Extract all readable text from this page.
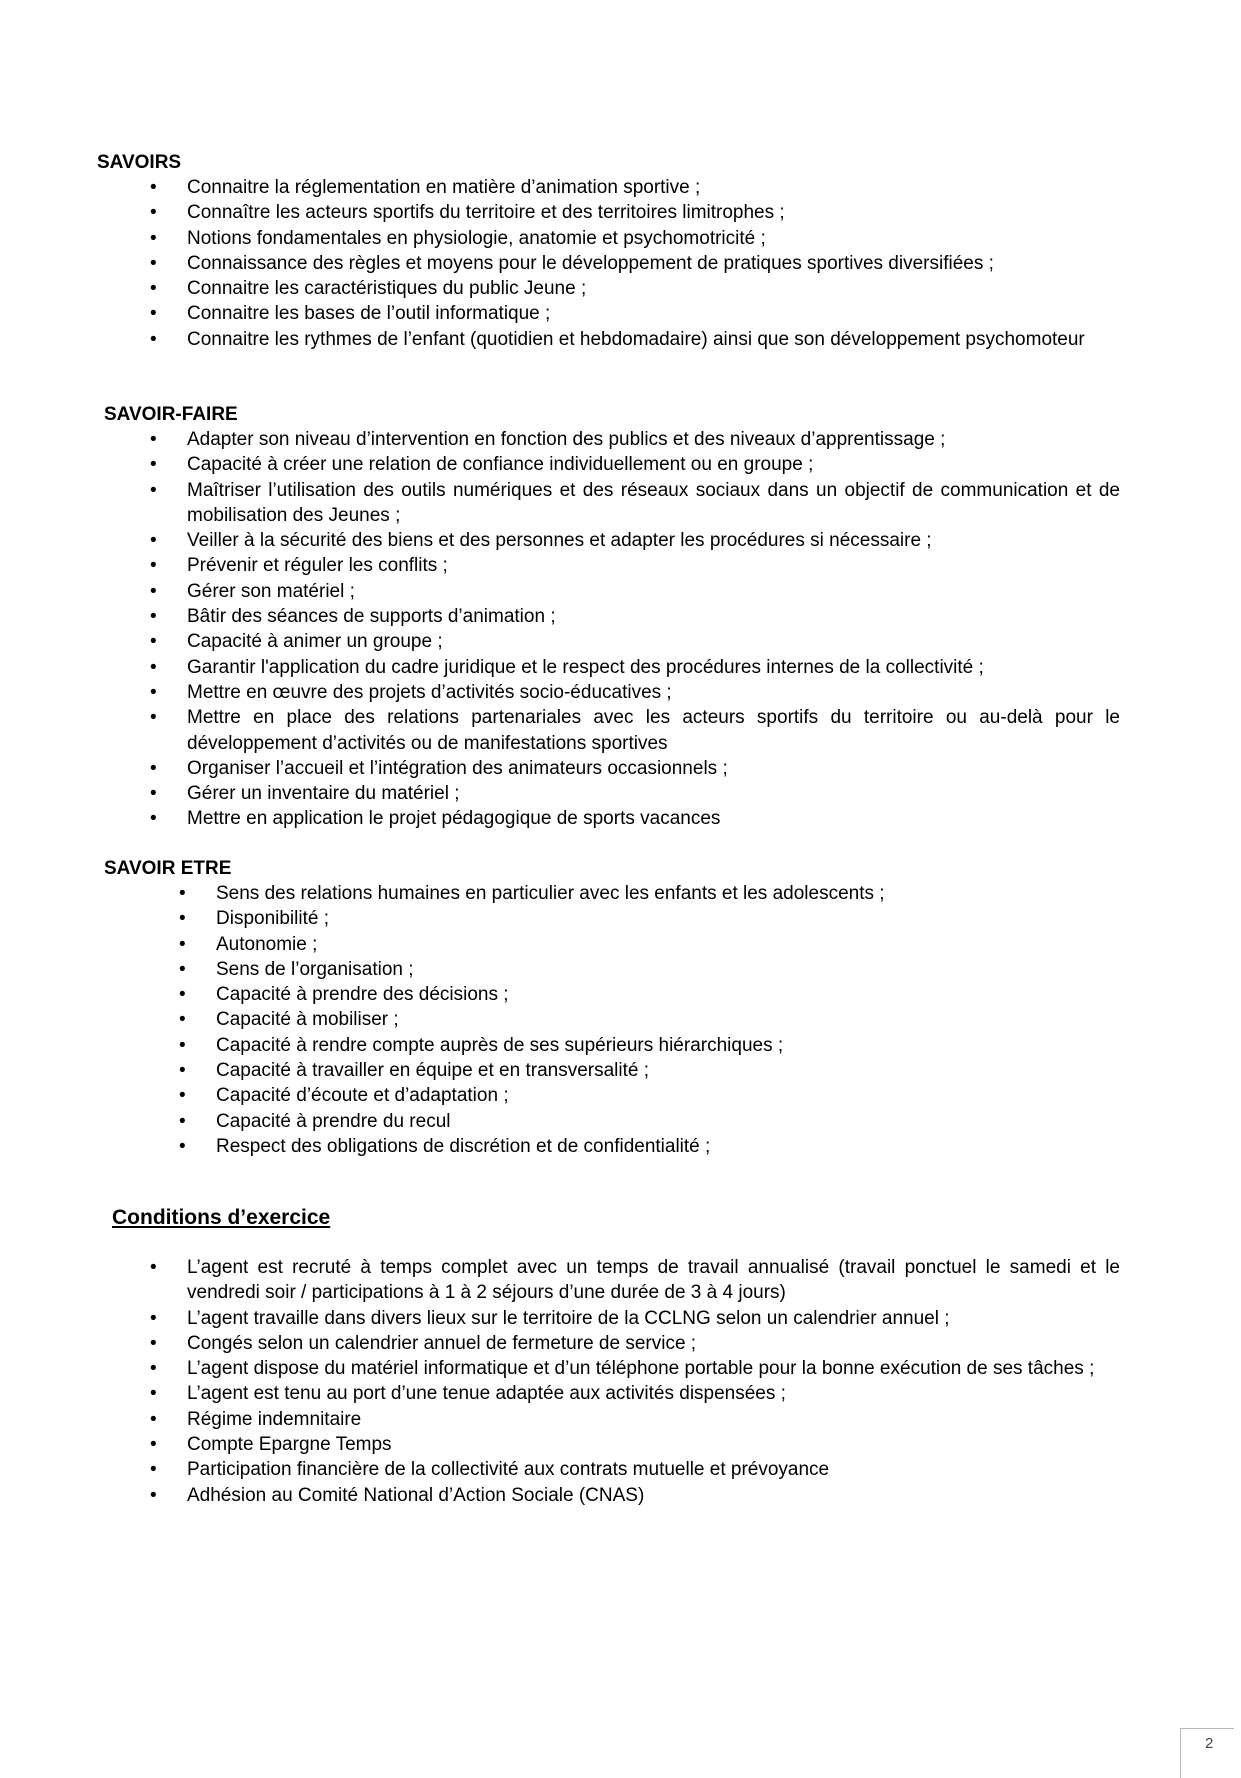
SAVOIRS
• Connaitre la réglementation en matière d’animation sportive ;
• Connaître les acteurs sportifs du territoire et des territoires limitrophes ;
• Notions fondamentales en physiologie, anatomie et psychomotricité ;
• Connaissance des règles et moyens pour le développement de pratiques sportives diversifiées ;
• Connaitre les caractéristiques du public Jeune ;
• Connaitre les bases de l’outil informatique ;
• Connaitre les rythmes de l’enfant (quotidien et hebdomadaire) ainsi que son développement psychomoteur
SAVOIR-FAIRE
• Adapter son niveau d’intervention en fonction des publics et des niveaux d’apprentissage ;
• Capacité à créer une relation de confiance individuellement ou en groupe ;
• Maîtriser l’utilisation des outils numériques et des réseaux sociaux dans un objectif de communication et de mobilisation des Jeunes ;
• Veiller à la sécurité des biens et des personnes et adapter les procédures si nécessaire ;
• Prévenir et réguler les conflits ;
• Gérer son matériel ;
• Bâtir des séances de supports d’animation ;
• Capacité à animer un groupe ;
• Garantir l'application du cadre juridique et le respect des procédures internes de la collectivité ;
• Mettre en œuvre des projets d’activités socio-éducatives ;
• Mettre en place des relations partenariales avec les acteurs sportifs du territoire ou au-delà pour le développement d’activités ou de manifestations sportives
• Organiser l’accueil et l’intégration des animateurs occasionnels ;
• Gérer un inventaire du matériel ;
• Mettre en application le projet pédagogique de sports vacances
SAVOIR ETRE
• Sens des relations humaines en particulier avec les enfants et les adolescents ;
• Disponibilité ;
• Autonomie ;
• Sens de l’organisation ;
• Capacité à prendre des décisions ;
• Capacité à mobiliser ;
• Capacité à rendre compte auprès de ses supérieurs hiérarchiques ;
• Capacité à travailler en équipe et en transversalité ;
• Capacité d’écoute et d’adaptation ;
• Capacité à prendre du recul
• Respect des obligations de discrétion et de confidentialité ;
Conditions d’exercice
• L’agent est recruté à temps complet avec un temps de travail annualisé (travail ponctuel le samedi et le vendredi soir / participations à 1 à 2 séjours d’une durée de 3 à 4 jours)
• L’agent travaille dans divers lieux sur le territoire de la CCLNG selon un calendrier annuel ;
• Congés selon un calendrier annuel de fermeture de service ;
• L’agent dispose du matériel informatique et d’un téléphone portable pour la bonne exécution de ses tâches ;
• L’agent est tenu au port d’une tenue adaptée aux activités dispensées ;
• Régime indemnitaire
• Compte Epargne Temps
• Participation financière de la collectivité aux contrats mutuelle et prévoyance
• Adhésion au Comité National d’Action Sociale (CNAS)
2
